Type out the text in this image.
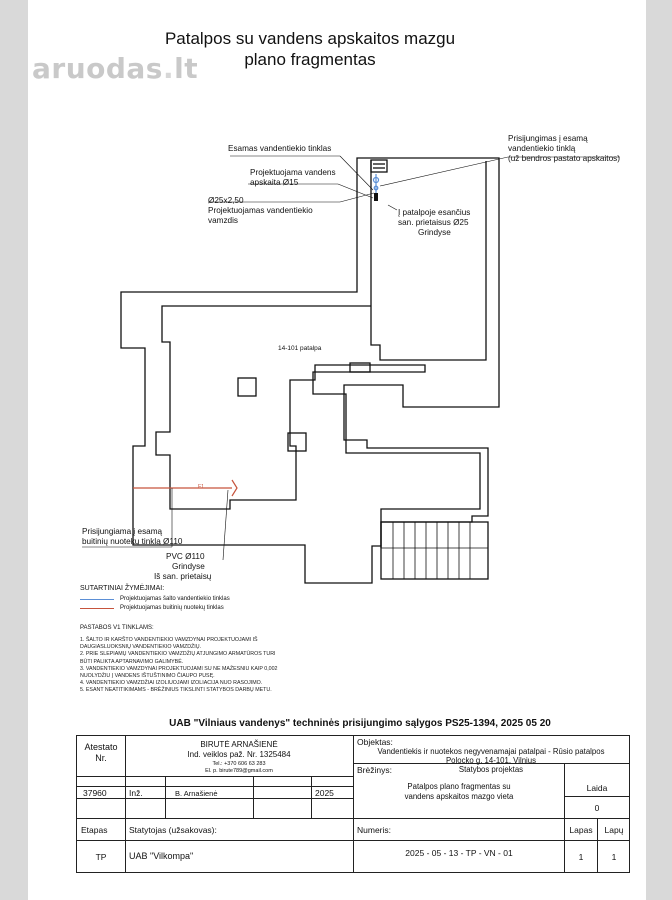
aruodas.lt
Patalpos su vandens apskaitos mazgu
plano fragmentas
Esamas vandentiekio tinklas
Projektuojama vandens
apskaita Ø15
Ø25x2,50
Projektuojamas vandentiekio
vamzdis
Prisijungimas į esamą
vandentiekio tinklą
(už bendros pastato apskaitos)
Į patalpoje esančius
san. prietaisus Ø25
Grindyse
14-101 patalpa
F1
Prisijungiama į esamą
buitinių nuotekų tinklą Ø110
PVC Ø110
Grindyse
Iš san. prietaisų
SUTARTINIAI ŽYMĖJIMAI:
Projektuojamas šalto vandentiekio tinklas
Projektuojamas buitinių nuotekų tinklas
PASTABOS V1 TINKLAMS:
1. ŠALTO IR KARŠTO VANDENTIEKIO VAMZDYNAI PROJEKTUOJAMI IŠ
DAUGIASLUOKSNIŲ VANDENTIEKIO VAMZDŽIŲ.
2. PRIE SLEPIAMŲ VANDENTIEKIO VAMZDŽIŲ ATJUNGIMO ARMATŪROS TURI
BŪTI PALIKTA APTARNAVIMO GALIMYBĖ.
3. VANDENTIEKIO VAMZDYNAI PROJEKTUOJAMI SU NE MAŽESNIU KAIP 0,002
NUOLYDŽIU Į VANDENS IŠTUŠTINIMO ČIAUPO PUSĘ.
4. VANDENTIEKIO VAMZDŽIAI IZOLIUOJAMI IZOLIACIJA NUO RASOJIMO.
5. ESANT NEATITIKIMAMS - BRĖŽINIUS TIKSLINTI STATYBOS DARBŲ METU.
UAB "Vilniaus vandenys" techninės prisijungimo sąlygos PS25-1394, 2025 05 20
Atestato Nr.
BIRUTĖ ARNAŠIENĖ
Ind. veiklos paž. Nr. 1325484
Tel.: +370 606 63 283
El. p. birute789@gmail.com
Objektas:
Vandentiekis ir nuotekos negyvenamajai patalpai - Rūsio patalpos
Polocko g. 14-101, Vilnius
Statybos projektas
37960	Inž.	B. Arnašienė	2025
Brėžinys:
Patalpos plano fragmentas su
vandens apskaitos mazgo vieta
Laida
0
Etapas	Statytojas (užsakovas):	Numeris:	Lapas	Lapų
TP	UAB "Vilkompa"	2025 - 05 - 13 - TP - VN - 01	1	1
